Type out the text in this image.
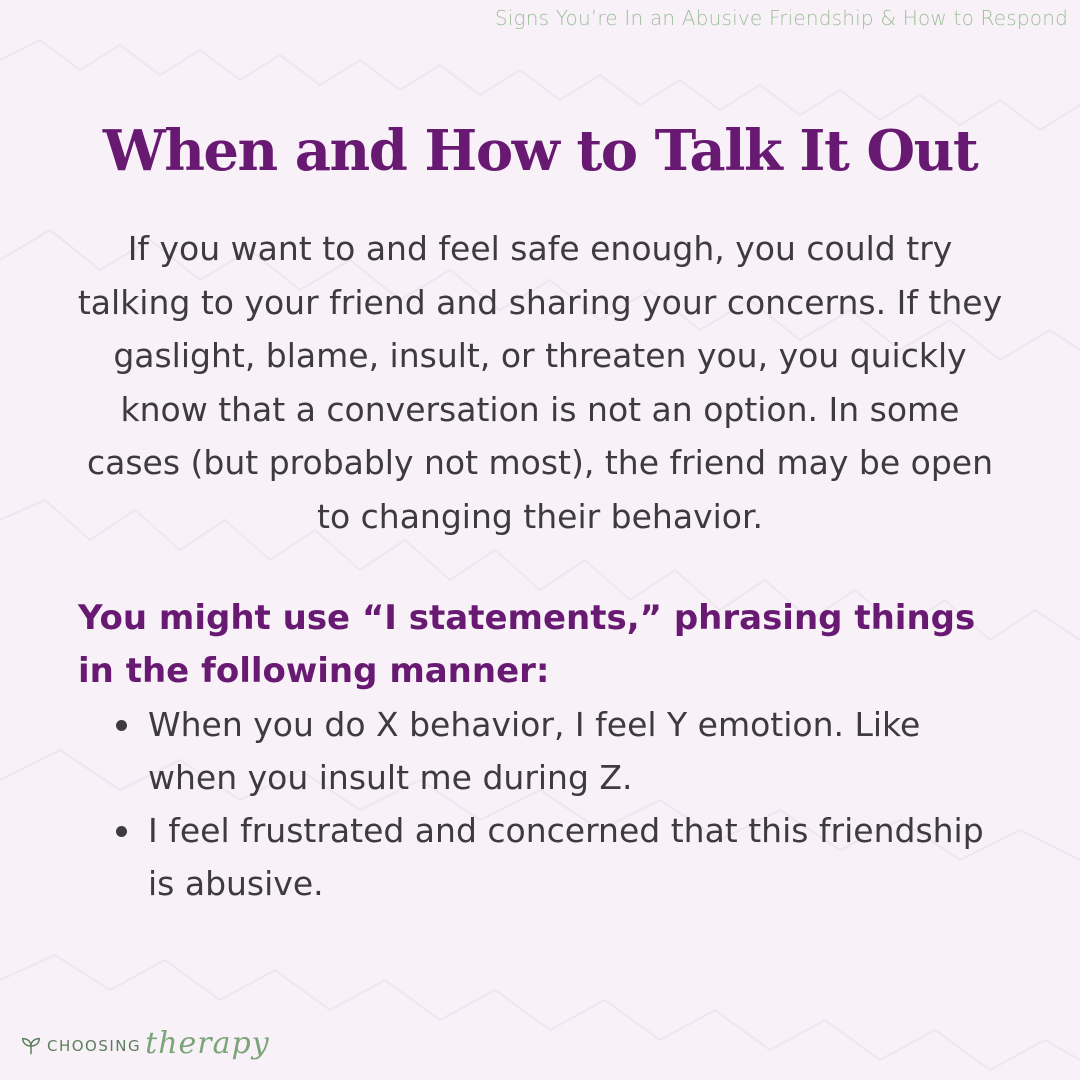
Signs You’re In an Abusive Friendship & How to Respond
When and How to Talk It Out

If you want to and feel safe enough, you could try talking to your friend and sharing your concerns. If they gaslight, blame, insult, or threaten you, you quickly know that a conversation is not an option. In some cases (but probably not most), the friend may be open to changing their behavior.

You might use “I statements,” phrasing things in the following manner:

When you do X behavior, I feel Y emotion. Like when you insult me during Z.
I feel frustrated and concerned that this friendship is abusive.
CHOOSING therapy
